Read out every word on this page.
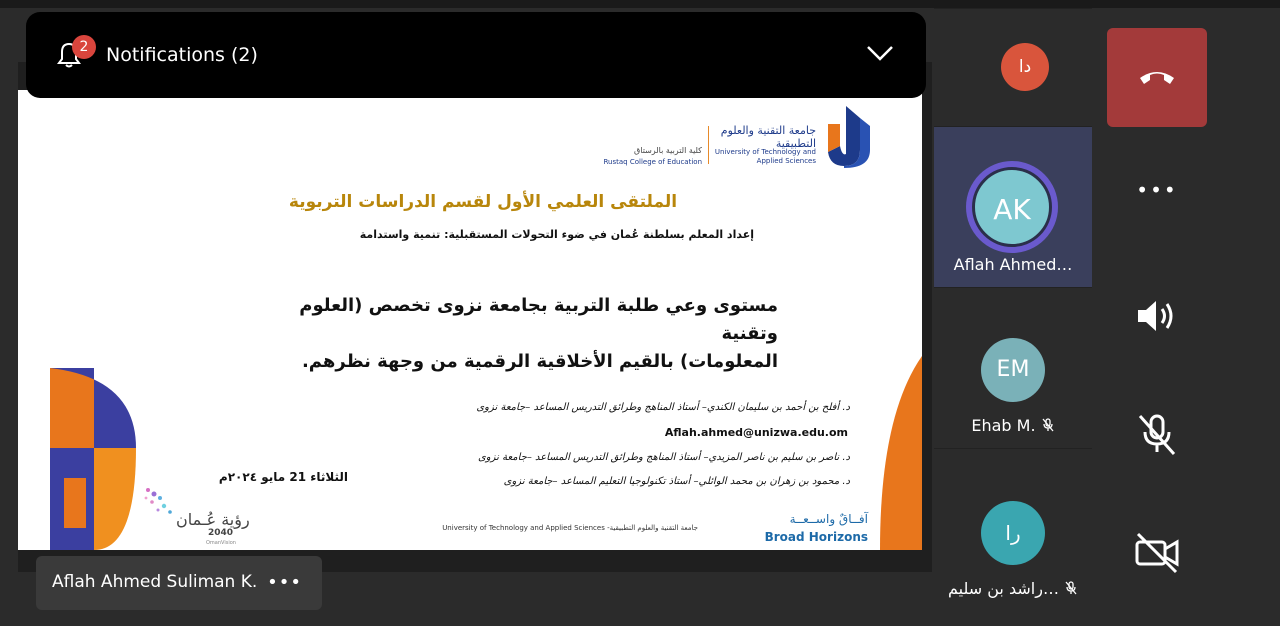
جامعة التقنية والعلوم التطبيقية
University of Technology and Applied Sciences
كلية التربية بالرستاق
Rustaq College of Education
الملتقى العلمي الأول لقسم الدراسات التربوية
إعداد المعلم بسلطنة عُمان في ضوء التحولات المستقبلية: تنمية واستدامة
مستوى وعي طلبة التربية بجامعة نزوى تخصص (العلوم وتقنية
المعلومات) بالقيم الأخلاقية الرقمية من وجهة نظرهم.
د. أفلح بن أحمد بن سليمان الكندي– أستاذ المناهج وطرائق التدريس المساعد –جامعة نزوى
Aflah.ahmed@unizwa.edu.om
د. ناصر بن سليم بن ناصر المزيدي– أستاذ المناهج وطرائق التدريس المساعد –جامعة نزوى
د. محمود بن زهران بن محمد الوائلي– أستاذ تكنولوجيا التعليم المساعد –جامعة نزوى
الثلاثاء 21 مايو ٢٠٢٤م
جامعة التقنية والعلوم التطبيقية- University of Technology and Applied Sciences
آفــاقٌ واســعــة
Broad Horizons
رؤية عُـمان
2040
OmanVision
2 Notifications (2)
Aflah Ahmed Suliman K. •••
دا
AK
Aflah Ahmed…
EM
Ehab M.
را
راشد بن سليم…
•••
